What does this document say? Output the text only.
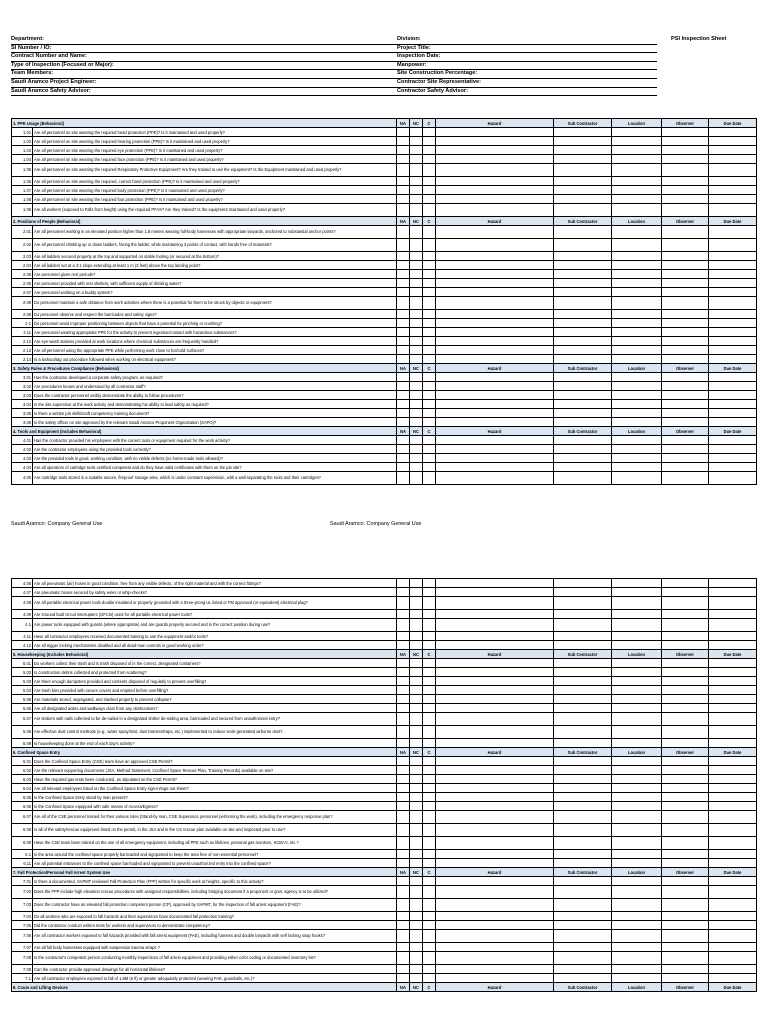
Department:
SI Number / IO:
Contract Number and Name:
Type of Inspection (Focused or Major):
Team Members:
Saudi Aramco Project Engineer:
Saudi Aramco Safety Advisor:
Division:
Project Title:
Inspection Date:
Manpower:
Site Construction Percentage:
Contractor Site Representative:
Contractor Safety Advisor:
PSI Inspection Sheet
1. PPE Usage (Behavioral)		NA	NC	C	Hazard	Sub Contractor	Location	Observer	Due Date
1.01	Are all personnel on site wearing the required head protection (PPE)? Is it maintained and used properly?								
1.02	Are all personnel on site wearing the required hearing protection (PPE)? Is it maintained and used properly?								
1.03	Are all personnel on site wearing the required eye protection (PPE)? Is it maintained and used properly?								
1.04	Are all personnel on site wearing the required face protection (PPE)? Is it maintained and used properly?								
1.05	Are all personnel on site wearing the required Respiratory Protective Equipment? Are they trained to use the equipment? Is the Equipment maintained and used properly?								
1.06	Are all personnel on site wearing the required, correct hand protection (PPE)? Is it maintained and used properly?								
1.07	Are all personnel on site wearing the required body protection (PPE)? Is it maintained and used properly?								
1.08	Are all personnel on site wearing the required foot protection (PPE)? Is it maintained and used properly?								
1.09	Are all workers (exposed to Falls from height) using the required PFAS? Are they trained? Is the equipment maintained and used properly?								
2. Positions of People (Behavioral)		NA	NC	C	Hazard	Sub Contractor	Location	Observer	Due Date
2.01	Are all personnel working in an elevated position higher than 1.8 meters wearing full-body harnesses with appropriate lanyards, anchored to substantial anchor points?								
2.02	Are all personnel climbing up or down ladders, facing the ladder, while maintaining 3 points of contact, with hands free of materials?								
2.03	Are all ladders secured properly at the top and supported on stable footing (or secured at the bottom)?								
2.04	Are all ladders set at a 4:1 slope extending at least 1 m (3 feet) above the top landing point?								
2.05	Are personnel given rest periods?								
2.06	Are personnel provided with rest shelters, with sufficient supply of drinking water?								
2.07	Are personnel working on a buddy system?								
2.08	Do personnel maintain a safe distance from work activities where there is a potential for them to be struck by objects or equipment?								
2.09	Do personnel observe and respect the barricades and safety signs?								
2.1	Do personnel avoid improper positioning between objects that have a potential for pinching or crushing?								
2.11	Are personnel wearing appropriate PPE for the activity to prevent ingestion/contact with hazardous substances?								
2.12	Are eye-wash stations provided at work locations where chemical substances are frequently handled?								
2.13	Are all personnel using the appropriate PPE while performing work close to hot/cold surfaces?								
2.14	Is a lockout/tag out procedure followed when working on electrical equipment?								
3. Safety Rules & Procedures Compliance (Behavioral)		NA	NC	C	Hazard	Sub Contractor	Location	Observer	Due Date
3.01	Has the contractor developed a corporate safety program, as required?								
3.02	Are procedures known and understood by all contractor staff?								
3.03	Does the contractor personnel visibly demonstrate the ability to follow procedures?								
3.04	Is the site supervisor at the work activity and demonstrating his ability to lead safety as required?								
3.05	Is there a written job skills/craft competency training document?								
3.06	Is the safety officer on site approved by the relevant Saudi Aramco Proponent Organization (SAPO)?								
4. Tools and Equipment (Includes Behavioral)		NA	NC	C	Hazard	Sub Contractor	Location	Observer	Due Date
4.01	Has the contractor provided his employees with the correct tools or equipment required for the work activity?								
4.02	Are the contractor employees using the provided tools correctly?								
4.03	Are the provided tools in good, working condition, with no visible defects (no home-made tools allowed)?								
4.04	Are all operators of cartridge tools certified competent and do they have valid certificates with them on the job site?								
4.05	Are cartridge tools stored in a suitable secure, fireproof storage area, which is under constant supervision, with a wall separating the tools and their cartridges?								
Saudi Aramco: Company General Use	Saudi Aramco: Company General Use
4.06	Are all pneumatic (air) hoses in good condition, free from any visible defects, of the right material and with the correct fittings?								
4.07	Are pneumatic hoses secured by safety wires or whip-checks?								
4.08	Are all portable electrical power tools double insulated or properly grounded with a three-prong UL listed or FM approved (or equivalent) electrical plug?								
4.09	Are Ground fault circuit interrupters (GFCIs) used for all portable electrical power tools?								
4.1	Are power tools equipped with guards (where appropriate) and are guards properly secured and in the correct position during use?								
4.11	Have all contractor employees received documented training to use the equipment and/or tools?								
4.12	Are all trigger locking mechanisms disabled and all dead-man controls in good working order?								
5. Housekeeping (Includes Behavioral)		NA	NC	C	Hazard	Sub Contractor	Location	Observer	Due Date
5.01	Do workers collect their trash and is trash disposed of in the correct, designated containers?								
5.02	Is construction debris collected and protected from scattering?								
5.03	Are there enough dumpsters provided and contents disposed of regularly to prevent overfilling?								
5.04	Are trash bins provided with secure covers and emptied before overfilling?								
5.05	Are materials stored, segregated, and stacked properly to prevent collapse?								
5.06	Are all designated aisles and walkways clear from any obstructions?								
5.07	Are timbers with nails collected to be de-nailed in a designated timber de-nailing area, barricaded and secured from unauthorized entry?								
5.08	Are effective dust control methods (e.g., water spray/mist, dust barriers/traps, etc.) implemented to reduce work-generated airborne dust?								
5.09	Is housekeeping done at the end of each day's activity?								
6. Confined Space Entry		NA	NC	C	Hazard	Sub Contractor	Location	Observer	Due Date
6.01	Does the Confined Space Entry (CSE) team have an approved CSE Permit?								
6.02	Are the relevant supporting documents (JSA, Method Statement, Confined Space Rescue Plan, Training Records) available on site?								
6.03	Have the required gas tests been conducted, as stipulated on the CSE Permit?								
6.04	Are all relevant employees listed on the Confined Space Entry sign-in/sign-out sheet?								
6.05	Is the Confined Space Entry stand by man present?								
6.06	Is the Confined Space equipped with safe means of Access/Egress?								
6.07	Are all of the CSE personnel trained for their various roles (Stand-by man, CSE Supervisor, personnel performing the work), including the emergency response plan?								
6.08	Is all of the safety/rescue equipment listed on the permit, in the JSA and in the CS rescue plan available on site and inspected prior to use?								
6.09	Have the CSE team been trained on the use of all emergency equipment, including all PPE such as lifelines, personal gas monitors, SCBA's, etc.?								
6.1	Is the area around the confined space properly barricaded and signposted to keep the area free of non-essential personnel?								
6.11	Are all potential entrances to the confined space barricaded and signposted to prevent unauthorized entry into the confined space?								
7. Fall Protection/Personal Fall Arrest System Use		NA	NC	C	Hazard	Sub Contractor	Location	Observer	Due Date
7.01	Is there a documented, SAPMT reviewed Fall Protection Plan (FPP) written for specific work at heights, specific to this activity?								
7.02	Does the FPP include high elevation rescue procedures with assigned responsibilities, including bridging document if a proponent or govt. agency is to be utilized?								
7.03	Does the contractor have an elevated fall protection competent person (CP), approved by SAPMT, for the inspection of fall arrest equipment (FAE)?								
7.04	Do all workers who are exposed to fall hazards and their supervisors have documented fall protection training?								
7.05	Did the contractor conduct written tests for workers and supervisors to demonstrate competency?								
7.06	Are all contractor workers exposed to fall hazards provided with fall arrest equipment (FAE), including harness and double lanyards with self locking snap hooks?								
7.07	Are all full body harnesses equipped with suspension trauma straps ?								
7.08	Is the contractor's competent person conducting monthly inspections of fall arrest equipment and providing either color coding or documented inventory list?								
7.09	Can the contractor provide approved drawings for all horizontal lifelines?								
7.1	Are all contractor employees exposed to fall of 1.8M (6 ft) or greater adequately protected (wearing FAE, guardrails, etc.)?								
8. Crane and Lifting Devices		NA	NC	C	Hazard	Sub Contractor	Location	Observer	Due Date
